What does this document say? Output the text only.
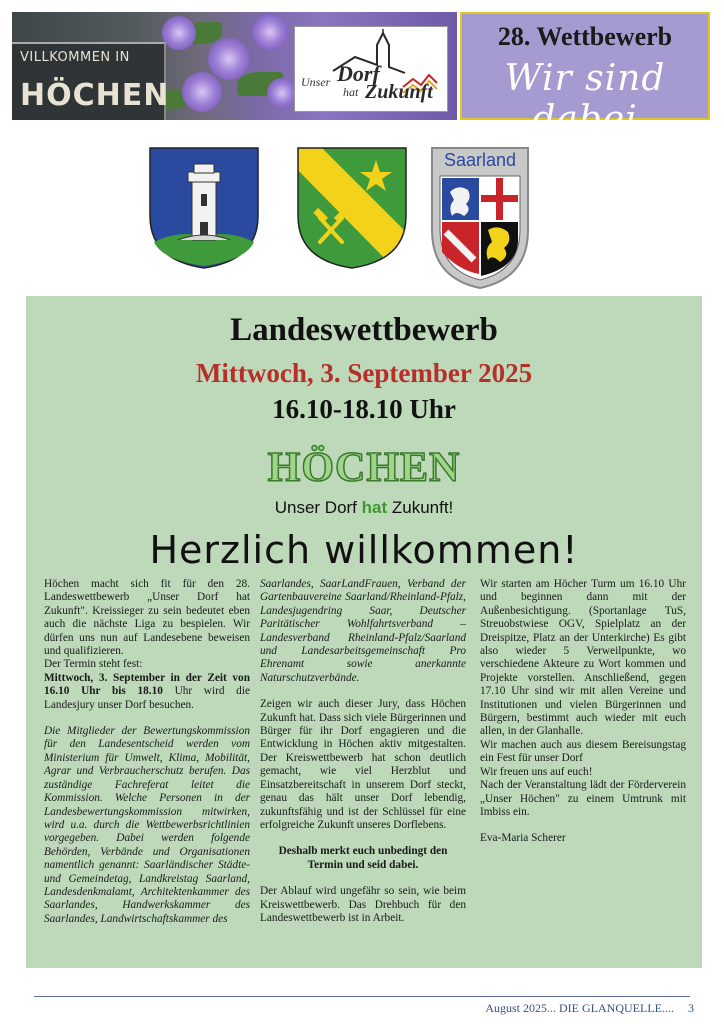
VILLKOMMEN IN
HÖCHEN	Unser Dorf
hat Zukunft
28. Wettbewerb
Wir sind dabei
Saarland
Landeswettbewerb
Mittwoch, 3. September 2025
16.10-18.10 Uhr
HÖCHEN
Unser Dorf hat Zukunft!
Herzlich willkommen!

Höchen macht sich fit für den 28. Landeswettbewerb „Unser Dorf hat Zukunft". Kreissieger zu sein bedeutet eben auch die nächste Liga zu bespielen. Wir dürfen uns nun auf Landesebene beweisen und qualifizieren.

Der Termin steht fest:

Mittwoch, 3. September in der Zeit von 16.10 Uhr bis 18.10 Uhr wird die Landesjury unser Dorf besuchen.

Die Mitglieder der Bewertungskommission für den Landesentscheid werden vom Ministerium für Umwelt, Klima, Mobilität, Agrar und Verbraucherschutz berufen. Das zuständige Fachreferat leitet die Kommission. Welche Personen in der Landesbewertungskommission mitwirken, wird u.a. durch die Wettbewerbsrichtlinien vorgegeben. Dabei werden folgende Behörden, Verbände und Organisationen namentlich genannt: Saarländischer Städte- und Gemeindetag, Landkreistag Saarland, Landesdenkmalamt, Architektenkammer des Saarlandes, Handwerkskammer des Saarlandes, Landwirtschaftskammer des

Saarlandes, SaarLandFrauen, Verband der Gartenbauvereine Saarland/Rheinland-Pfalz, Landesjugendring Saar, Deutscher Paritätischer Wohlfahrtsverband – Landesverband Rheinland-Pfalz/Saarland und Landesarbeitsgemeinschaft Pro Ehrenamt sowie anerkannte Naturschutzverbände.

Zeigen wir auch dieser Jury, dass Höchen Zukunft hat. Dass sich viele Bürgerinnen und Bürger für ihr Dorf engagieren und die Entwicklung in Höchen aktiv mitgestalten. Der Kreiswettbewerb hat schon deutlich gemacht, wie viel Herzblut und Einsatzbereitschaft in unserem Dorf steckt, genau das hält unser Dorf lebendig, zukunftsfähig und ist der Schlüssel für eine erfolgreiche Zukunft unseres Dorflebens.

Deshalb merkt euch unbedingt den Termin und seid dabei.

Der Ablauf wird ungefähr so sein, wie beim Kreiswettbewerb. Das Drehbuch für den Landeswettbewerb ist in Arbeit.

Wir starten am Höcher Turm um 16.10 Uhr und beginnen dann mit der Außenbesichtigung. (Sportanlage TuS, Streuobstwiese OGV, Spielplatz an der Dreispitze, Platz an der Unterkirche) Es gibt also wieder 5 Verweilpunkte, wo verschiedene Akteure zu Wort kommen und Projekte vorstellen. Anschließend, gegen 17.10 Uhr sind wir mit allen Vereine und Institutionen und vielen Bürgerinnen und Bürgern, bestimmt auch wieder mit euch allen, in der Glanhalle.

Wir machen auch aus diesem Bereisungstag ein Fest für unser Dorf

Wir freuen uns auf euch!

Nach der Veranstaltung lädt der Förderverein „Unser Höchen" zu einem Umtrunk mit Imbiss ein.

Eva-Maria Scherer

August 2025... DIE GLANQUELLE.... 3
